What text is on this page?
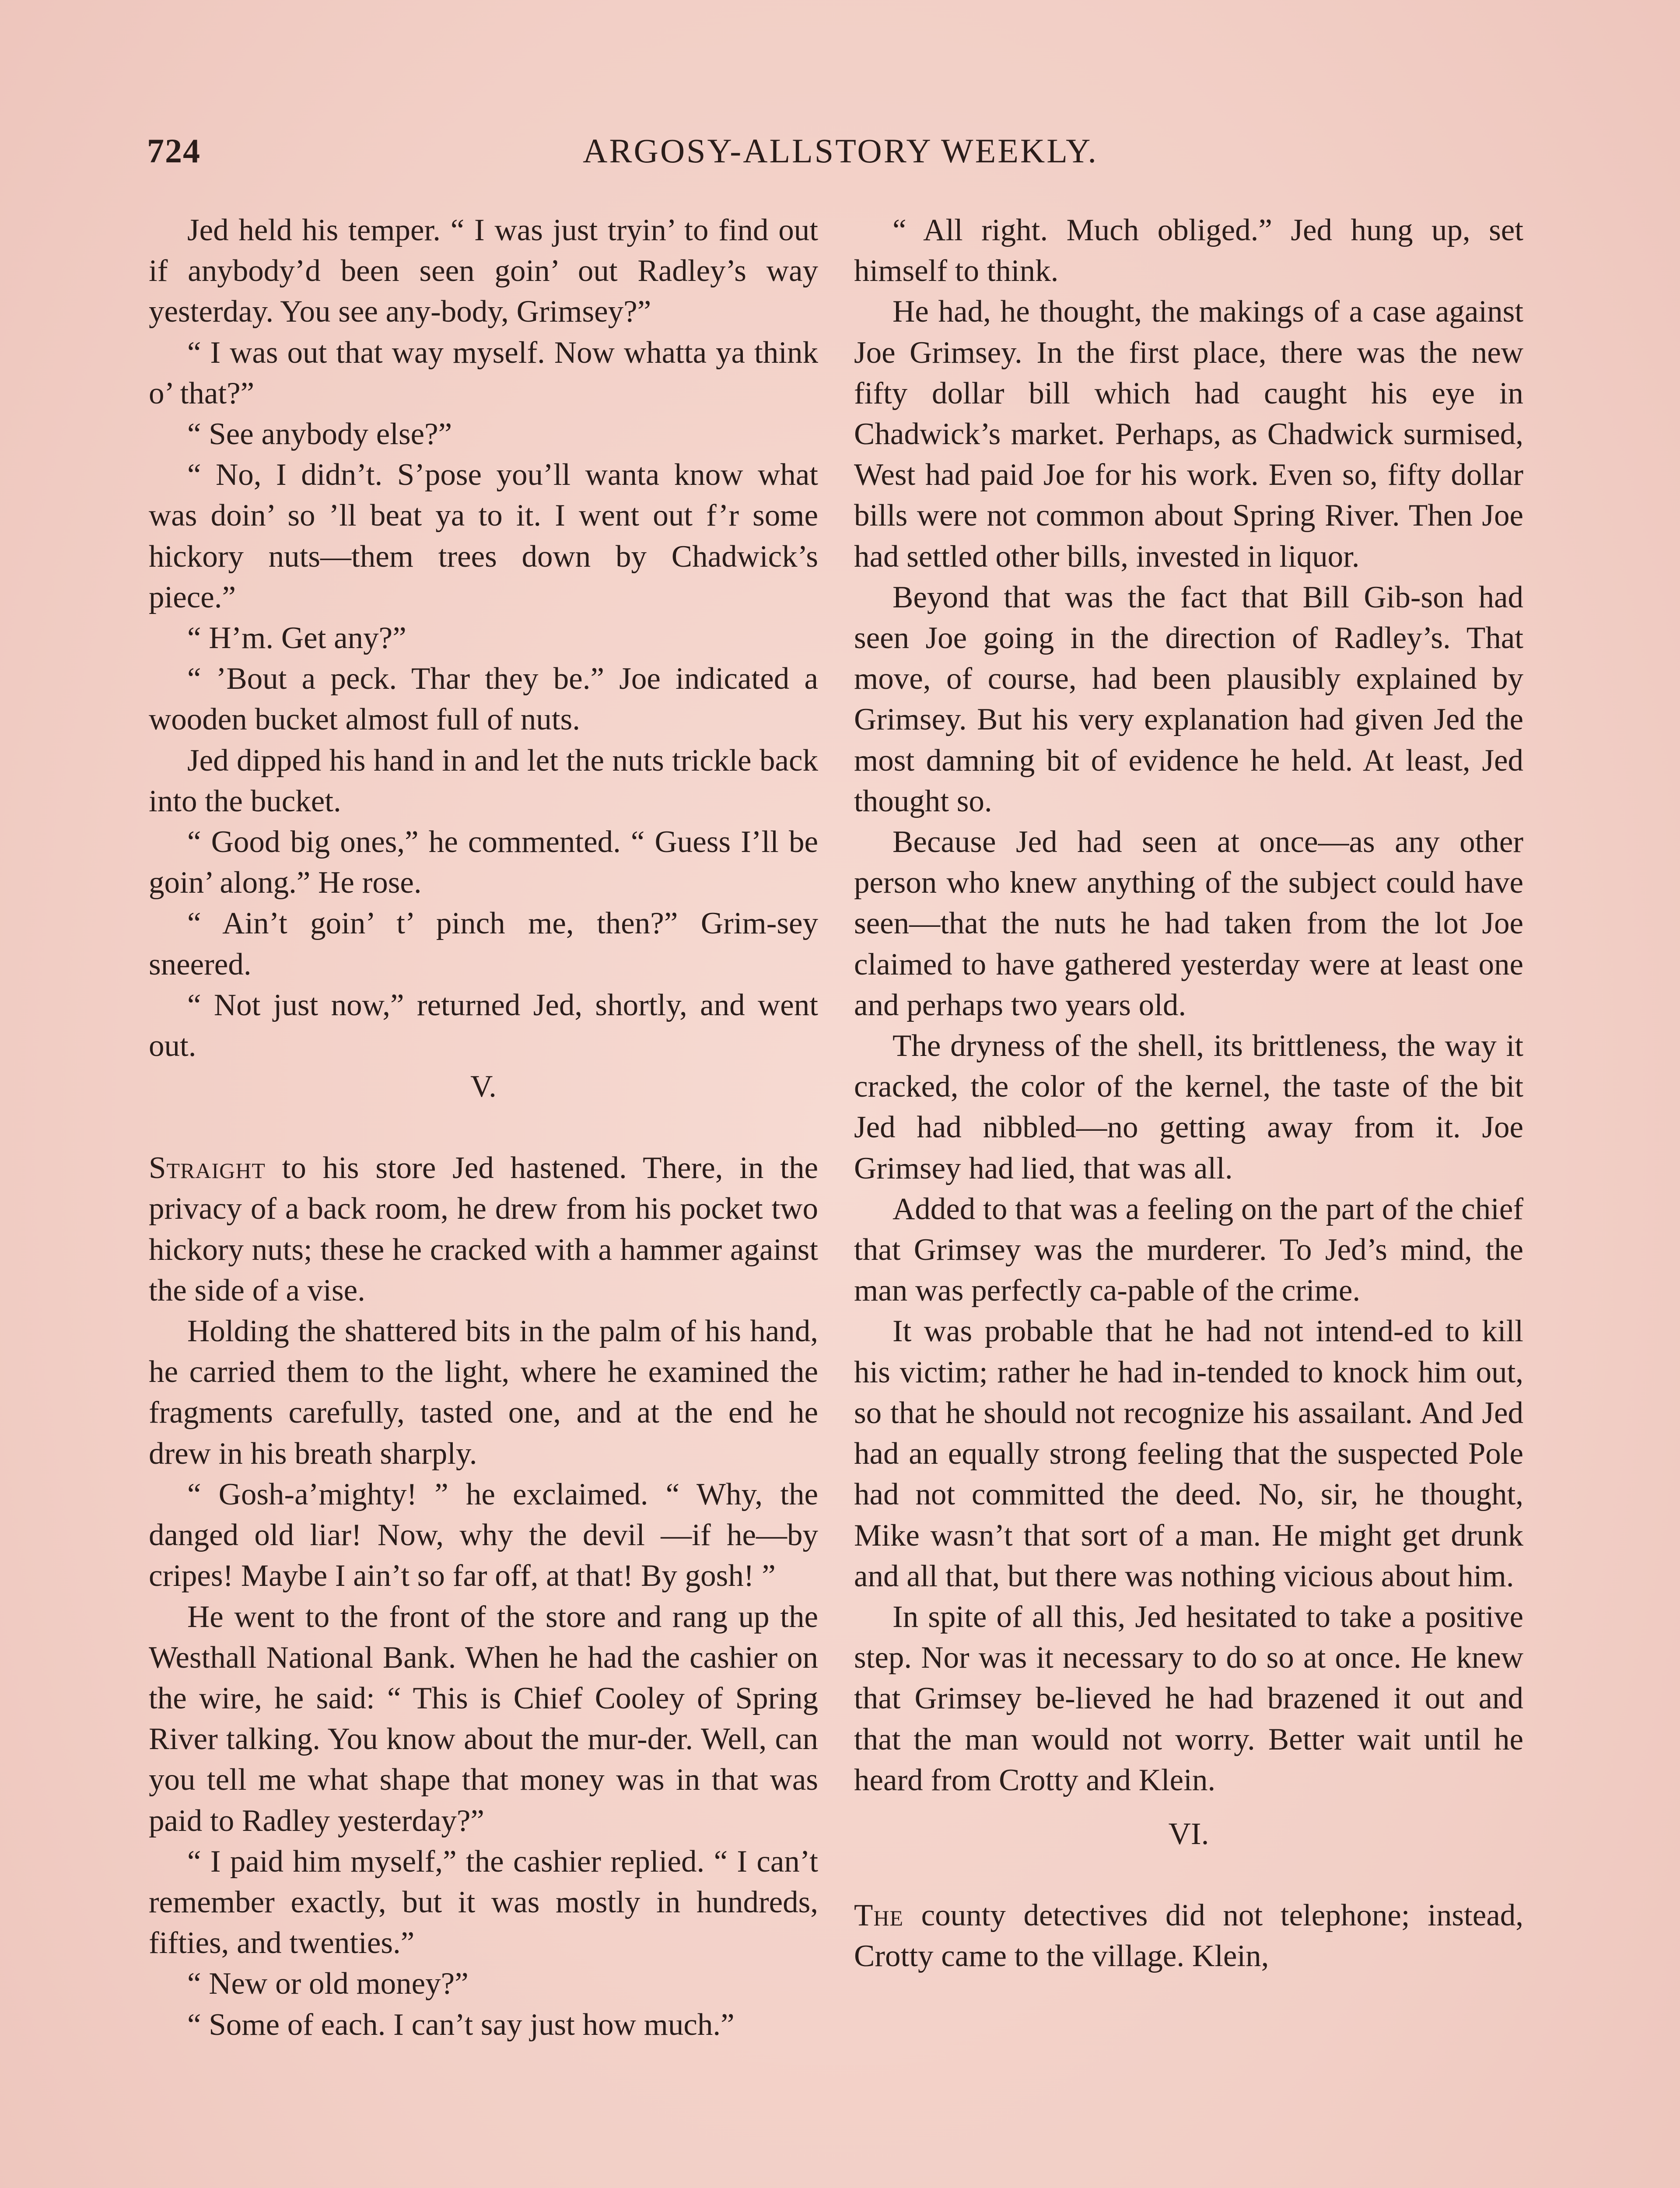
724	ARGOSY-ALLSTORY WEEKLY.

Jed held his temper. “ I was just tryin’ to find out if anybody’d been seen goin’ out Radley’s way yesterday. You see any-body, Grimsey?”

“ I was out that way myself. Now whatta ya think o’ that?”

“ See anybody else?”

“ No, I didn’t. S’pose you’ll wanta know what was doin’ so ’ll beat ya to it. I went out f’r some hickory nuts—them trees down by Chadwick’s piece.”

“ H’m. Get any?”

“ ’Bout a peck. Thar they be.” Joe indicated a wooden bucket almost full of nuts.

Jed dipped his hand in and let the nuts trickle back into the bucket.

“ Good big ones,” he commented. “ Guess I’ll be goin’ along.” He rose.

“ Ain’t goin’ t’ pinch me, then?” Grim-sey sneered.

“ Not just now,” returned Jed, shortly, and went out.

V.

Straight to his store Jed hastened. There, in the privacy of a back room, he drew from his pocket two hickory nuts; these he cracked with a hammer against the side of a vise.

Holding the shattered bits in the palm of his hand, he carried them to the light, where he examined the fragments carefully, tasted one, and at the end he drew in his breath sharply.

“ Gosh-a’mighty! ” he exclaimed. “ Why, the danged old liar! Now, why the devil —if he—by cripes! Maybe I ain’t so far off, at that! By gosh! ”

He went to the front of the store and rang up the Westhall National Bank. When he had the cashier on the wire, he said: “ This is Chief Cooley of Spring River talking. You know about the mur-der. Well, can you tell me what shape that money was in that was paid to Radley yesterday?”

“ I paid him myself,” the cashier replied. “ I can’t remember exactly, but it was mostly in hundreds, fifties, and twenties.”

“ New or old money?”

“ Some of each. I can’t say just how much.”

“ All right. Much obliged.” Jed hung up, set himself to think.

He had, he thought, the makings of a case against Joe Grimsey. In the first place, there was the new fifty dollar bill which had caught his eye in Chadwick’s market. Perhaps, as Chadwick surmised, West had paid Joe for his work. Even so, fifty dollar bills were not common about Spring River. Then Joe had settled other bills, invested in liquor.

Beyond that was the fact that Bill Gib-son had seen Joe going in the direction of Radley’s. That move, of course, had been plausibly explained by Grimsey. But his very explanation had given Jed the most damning bit of evidence he held. At least, Jed thought so.

Because Jed had seen at once—as any other person who knew anything of the subject could have seen—that the nuts he had taken from the lot Joe claimed to have gathered yesterday were at least one and perhaps two years old.

The dryness of the shell, its brittleness, the way it cracked, the color of the kernel, the taste of the bit Jed had nibbled—no getting away from it. Joe Grimsey had lied, that was all.

Added to that was a feeling on the part of the chief that Grimsey was the murderer. To Jed’s mind, the man was perfectly ca-pable of the crime.

It was probable that he had not intend-ed to kill his victim; rather he had in-tended to knock him out, so that he should not recognize his assailant. And Jed had an equally strong feeling that the suspected Pole had not committed the deed. No, sir, he thought, Mike wasn’t that sort of a man. He might get drunk and all that, but there was nothing vicious about him.

In spite of all this, Jed hesitated to take a positive step. Nor was it necessary to do so at once. He knew that Grimsey be-lieved he had brazened it out and that the man would not worry. Better wait until he heard from Crotty and Klein.

VI.

The county detectives did not telephone; instead, Crotty came to the village. Klein,
